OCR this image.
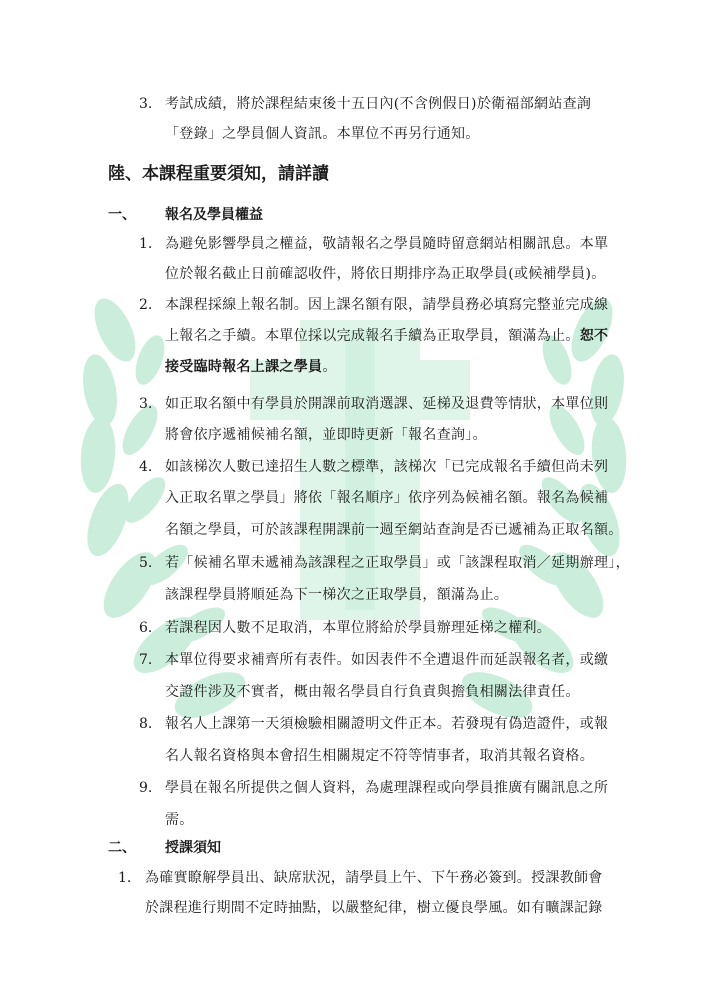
3. 考試成績，將於課程結束後十五日內(不含例假日)於衛福部網站查詢
「登錄」之學員個人資訊。本單位不再另行通知。
陸、本課程重要須知，請詳讀
一、 報名及學員權益
1. 為避免影響學員之權益，敬請報名之學員隨時留意網站相關訊息。本單
位於報名截止日前確認收件，將依日期排序為正取學員(或候補學員)。
2. 本課程採線上報名制。因上課名額有限，請學員務必填寫完整並完成線
上報名之手續。本單位採以完成報名手續為正取學員，額滿為止。恕不
接受臨時報名上課之學員。
3. 如正取名額中有學員於開課前取消選課、延梯及退費等情狀，本單位則
將會依序遞補候補名額，並即時更新「報名查詢」。
4. 如該梯次人數已達招生人數之標準，該梯次「已完成報名手續但尚未列
入正取名單之學員」將依「報名順序」依序列為候補名額。報名為候補
名額之學員，可於該課程開課前一週至網站查詢是否已遞補為正取名額。
5. 若「候補名單未遞補為該課程之正取學員」或「該課程取消／延期辦理」，
該課程學員將順延為下一梯次之正取學員，額滿為止。
6. 若課程因人數不足取消，本單位將給於學員辦理延梯之權利。
7. 本單位得要求補齊所有表件。如因表件不全遭退件而延誤報名者，或繳
交證件涉及不實者，概由報名學員自行負責與擔負相關法律責任。
8. 報名人上課第一天須檢驗相關證明文件正本。若發現有偽造證件，或報
名人報名資格與本會招生相關規定不符等情事者，取消其報名資格。
9. 學員在報名所提供之個人資料，為處理課程或向學員推廣有關訊息之所
需。
二、 授課須知
1. 為確實瞭解學員出、缺席狀況，請學員上午、下午務必簽到。授課教師會
於課程進行期間不定時抽點，以嚴整紀律，樹立優良學風。如有曠課記錄
